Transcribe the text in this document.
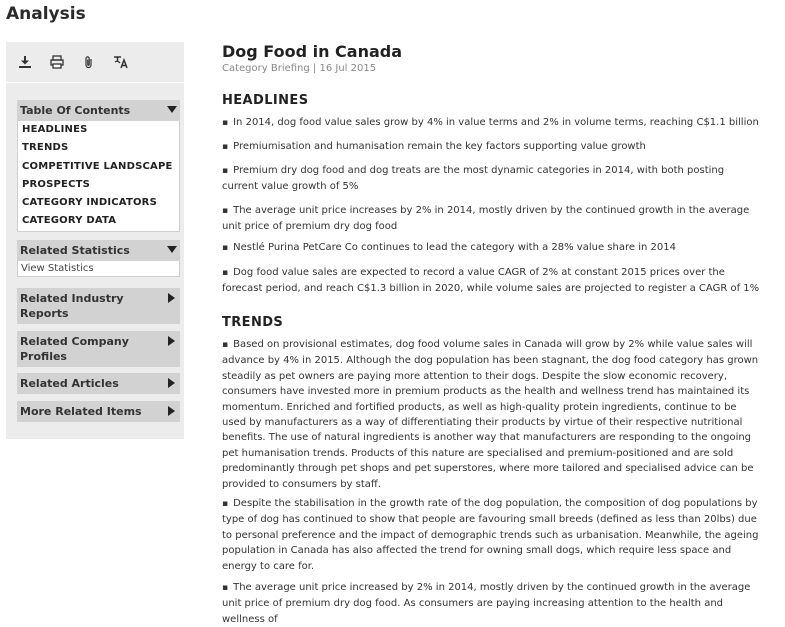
Analysis
Table Of Contents
HEADLINES
TRENDS
COMPETITIVE LANDSCAPE
PROSPECTS
CATEGORY INDICATORS
CATEGORY DATA
Related Statistics
View Statistics
Related Industry Reports
Related Company Profiles
Related Articles
More Related Items
Dog Food in Canada
Category Briefing | 16 Jul 2015
HEADLINES

▪ In 2014, dog food value sales grow by 4% in value terms and 2% in volume terms, reaching C$1.1 billion

▪ Premiumisation and humanisation remain the key factors supporting value growth

▪ Premium dry dog food and dog treats are the most dynamic categories in 2014, with both posting current value growth of 5%

▪ The average unit price increases by 2% in 2014, mostly driven by the continued growth in the average unit price of premium dry dog food

▪ Nestlé Purina PetCare Co continues to lead the category with a 28% value share in 2014

▪ Dog food value sales are expected to record a value CAGR of 2% at constant 2015 prices over the forecast period, and reach C$1.3 billion in 2020, while volume sales are projected to register a CAGR of 1%

TRENDS

▪ Based on provisional estimates, dog food volume sales in Canada will grow by 2% while value sales will advance by 4% in 2015. Although the dog population has been stagnant, the dog food category has grown steadily as pet owners are paying more attention to their dogs. Despite the slow economic recovery, consumers have invested more in premium products as the health and wellness trend has maintained its momentum. Enriched and fortified products, as well as high-quality protein ingredients, continue to be used by manufacturers as a way of differentiating their products by virtue of their respective nutritional benefits. The use of natural ingredients is another way that manufacturers are responding to the ongoing pet humanisation trends. Products of this nature are specialised and premium-positioned and are sold predominantly through pet shops and pet superstores, where more tailored and specialised advice can be provided to consumers by staff.

▪ Despite the stabilisation in the growth rate of the dog population, the composition of dog populations by type of dog has continued to show that people are favouring small breeds (defined as less than 20lbs) due to personal preference and the impact of demographic trends such as urbanisation. Meanwhile, the ageing population in Canada has also affected the trend for owning small dogs, which require less space and energy to care for.

▪ The average unit price increased by 2% in 2014, mostly driven by the continued growth in the average unit price of premium dry dog food. As consumers are paying increasing attention to the health and wellness of
